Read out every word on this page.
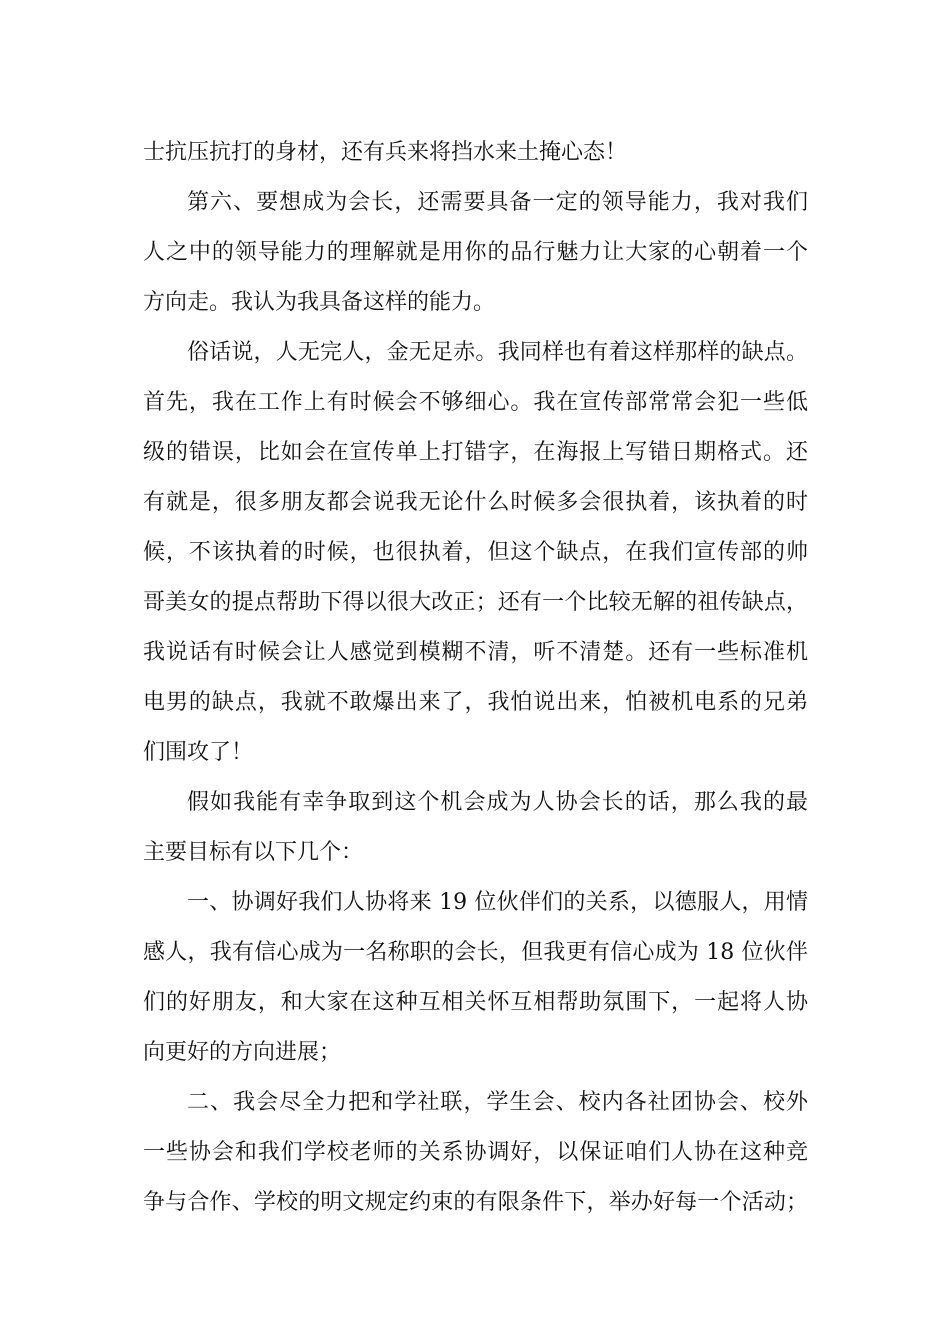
士抗压抗打的身材，还有兵来将挡水来土掩心态！
第六、要想成为会长，还需要具备一定的领导能力，我对我们
人之中的领导能力的理解就是用你的品行魅力让大家的心朝着一个
方向走。我认为我具备这样的能力。
俗话说，人无完人，金无足赤。我同样也有着这样那样的缺点。
首先，我在工作上有时候会不够细心。我在宣传部常常会犯一些低
级的错误，比如会在宣传单上打错字，在海报上写错日期格式。还
有就是，很多朋友都会说我无论什么时候多会很执着，该执着的时
候，不该执着的时候，也很执着，但这个缺点，在我们宣传部的帅
哥美女的提点帮助下得以很大改正；还有一个比较无解的祖传缺点，
我说话有时候会让人感觉到模糊不清，听不清楚。还有一些标准机
电男的缺点，我就不敢爆出来了，我怕说出来，怕被机电系的兄弟
们围攻了！
假如我能有幸争取到这个机会成为人协会长的话，那么我的最
主要目标有以下几个：
一、协调好我们人协将来 19 位伙伴们的关系，以德服人，用情
感人，我有信心成为一名称职的会长，但我更有信心成为 18 位伙伴
们的好朋友，和大家在这种互相关怀互相帮助氛围下，一起将人协
向更好的方向进展；
二、我会尽全力把和学社联，学生会、校内各社团协会、校外
一些协会和我们学校老师的关系协调好，以保证咱们人协在这种竞
争与合作、学校的明文规定约束的有限条件下，举办好每一个活动；
